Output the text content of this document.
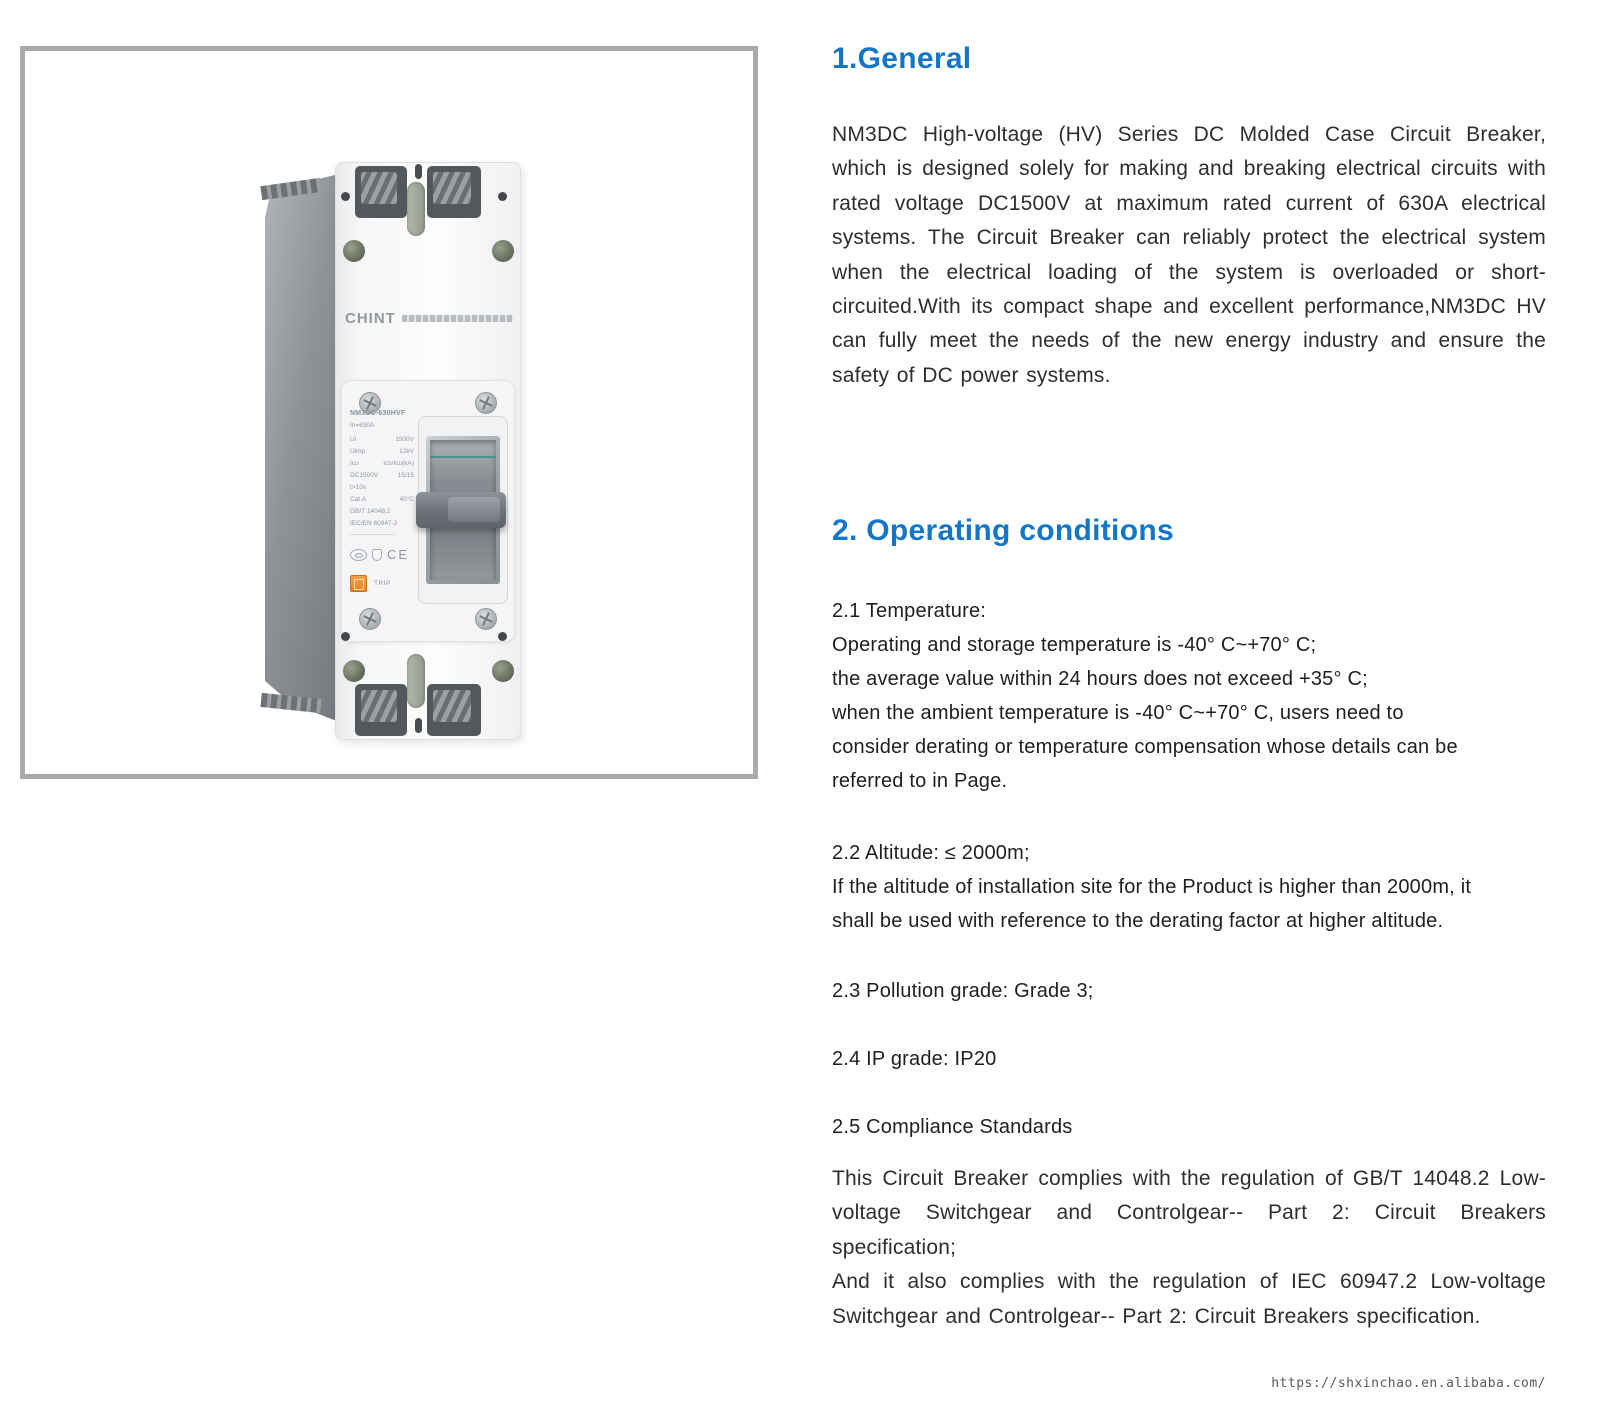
CHINT
NM3DC-630HVF
In=630A
Ui	1500V
Uimp	12kV
Icu	Ics/Icu(kA)
DC1500V	15/15
t>10s
Cat.A	40°C
GB/T 14048.2
IEC/EN 60947-2
CE
TRIP
1.General
NM3DC High-voltage (HV) Series DC Molded Case Circuit Breaker, which is designed solely for making and breaking electrical circuits with rated voltage DC1500V at maximum rated current of 630A electrical systems. The Circuit Breaker can reliably protect the electrical system when the electrical loading of the system is overloaded or short-circuited.With its compact shape and excellent performance,NM3DC HV can fully meet the needs of the new energy industry and ensure the safety of DC power systems.
2. Operating conditions
2.1 Temperature:
Operating and storage temperature is -40° C~+70° C;
the average value within 24 hours does not exceed +35° C;
when the ambient temperature is -40° C~+70° C, users need to
consider derating or temperature compensation whose details can be
referred to in Page.
2.2 Altitude: ≤ 2000m;
If the altitude of installation site for the Product is higher than 2000m, it
shall be used with reference to the derating factor at higher altitude.
2.3 Pollution grade: Grade 3;
2.4 IP grade: IP20
2.5 Compliance Standards

This Circuit Breaker complies with the regulation of GB/T 14048.2 Low-voltage Switchgear and Controlgear-- Part 2: Circuit Breakers specification;

And it also complies with the regulation of IEC 60947.2 Low-voltage Switchgear and Controlgear-- Part 2: Circuit Breakers specification.

https://shxinchao.en.alibaba.com/
